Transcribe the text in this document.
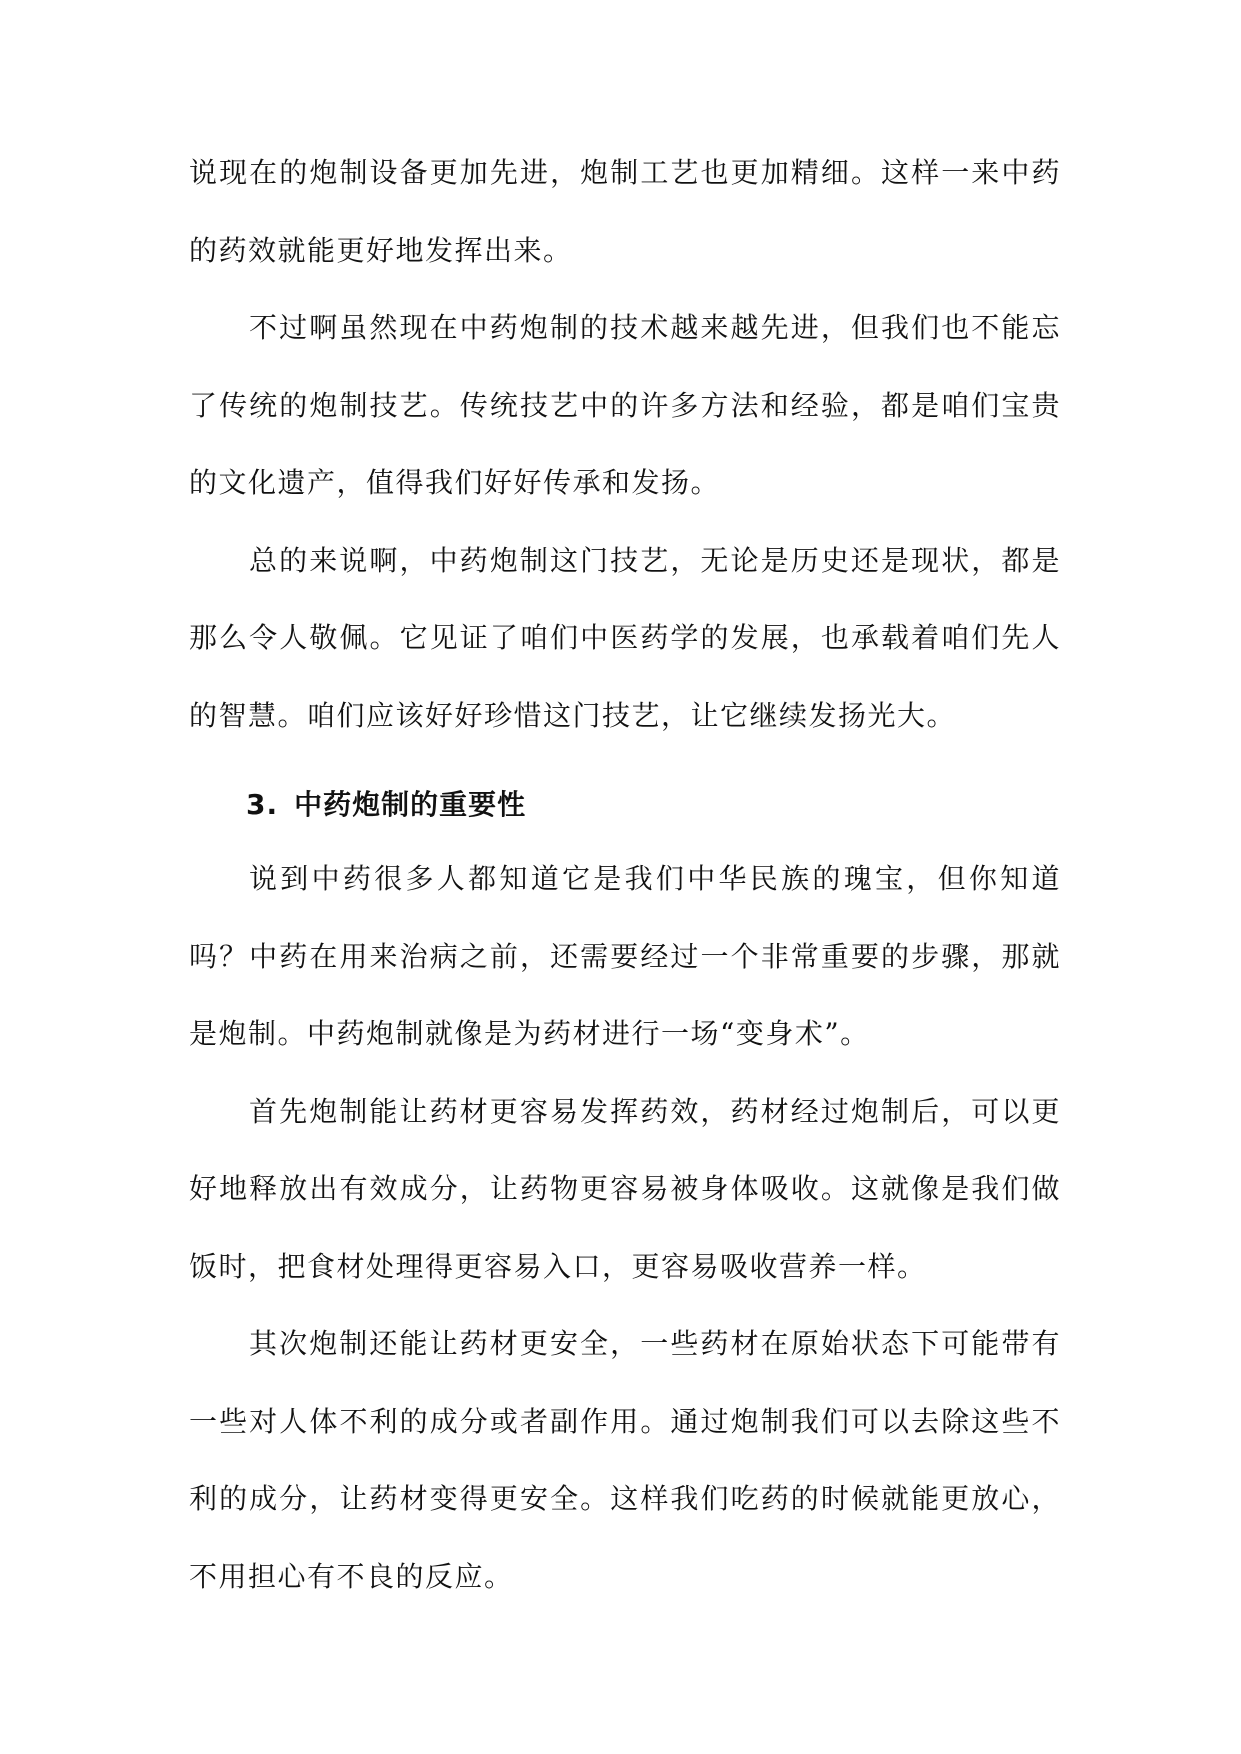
说现在的炮制设备更加先进，炮制工艺也更加精细。这样一来中药的药效就能更好地发挥出来。

不过啊虽然现在中药炮制的技术越来越先进，但我们也不能忘了传统的炮制技艺。传统技艺中的许多方法和经验，都是咱们宝贵的文化遗产，值得我们好好传承和发扬。

总的来说啊，中药炮制这门技艺，无论是历史还是现状，都是那么令人敬佩。它见证了咱们中医药学的发展，也承载着咱们先人的智慧。咱们应该好好珍惜这门技艺，让它继续发扬光大。

3. 中药炮制的重要性

说到中药很多人都知道它是我们中华民族的瑰宝，但你知道吗？中药在用来治病之前，还需要经过一个非常重要的步骤，那就是炮制。中药炮制就像是为药材进行一场“变身术”。

首先炮制能让药材更容易发挥药效，药材经过炮制后，可以更好地释放出有效成分，让药物更容易被身体吸收。这就像是我们做饭时，把食材处理得更容易入口，更容易吸收营养一样。

其次炮制还能让药材更安全，一些药材在原始状态下可能带有一些对人体不利的成分或者副作用。通过炮制我们可以去除这些不利的成分，让药材变得更安全。这样我们吃药的时候就能更放心，不用担心有不良的反应。
